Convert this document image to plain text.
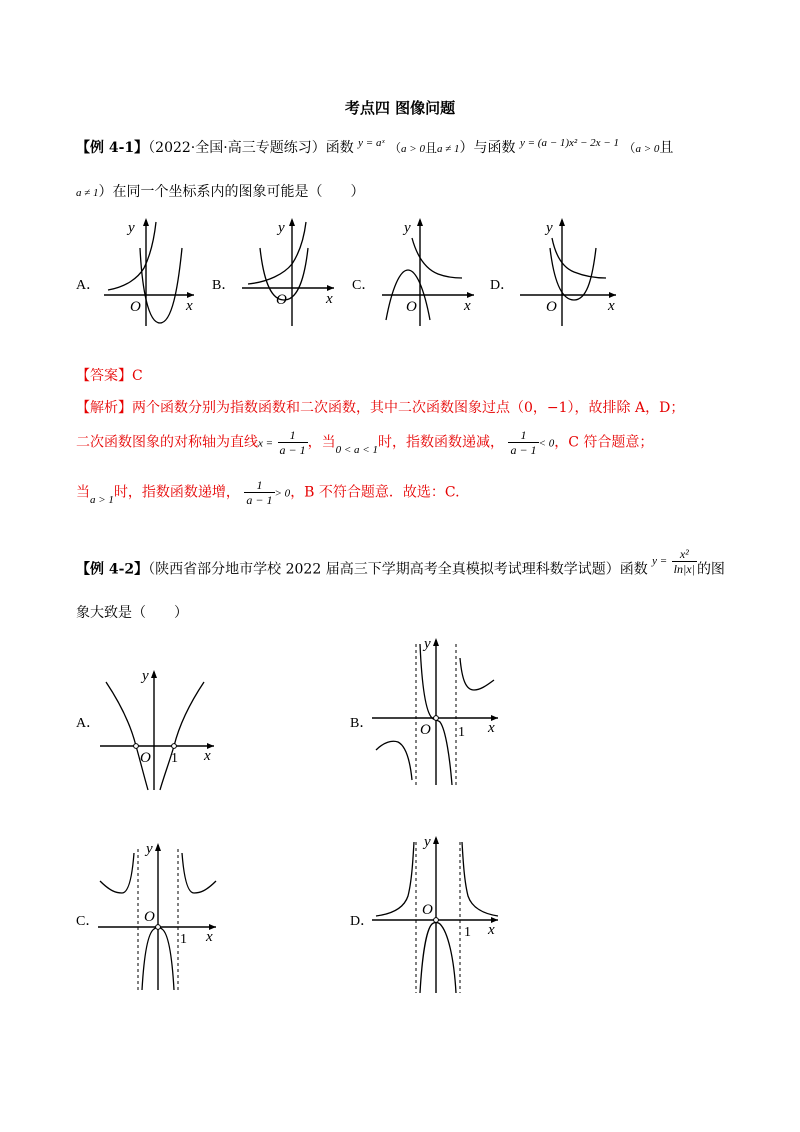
考点四 图像问题
【例 4-1】（2022·全国·高三专题练习）函数 $^{y = aˣ}$ （a > 0且a ≠ 1）与函数 $^{y = (a - 1)x^2 - 2x - 1}$ （a > 0且
a ≠ 1）在同一个坐标系内的图象可能是（　　）
A．
y
x
O
B．
y
x
O
C．
y
x
O
D．
y
x
O
【答案】C
【解析】两个函数分别为指数函数和二次函数，其中二次函数图象过点（0，−1），故排除 A，D；
二次函数图象的对称轴为直线$x = \frac{1}{a - 1}$ ，当$_{0 < a < 1}$时，指数函数递减， $\frac{1}{a - 1} < 0$，C 符合题意；
当$_{a > 1}$时，指数函数递增， $\frac{1}{a - 1} > 0$，B 不符合题意．故选：C.
【例 4-2】（陕西省部分地市学校 2022 届高三下学期高考全真模拟考试理科数学试题）函数 $^{y =} \frac{\text{x²}}{\ln|x|}$ 的图
象大致是（　　）
A．
y
x
O 1
B．
y
x
O 1
C．
y
x
O
1
D．
y
x
O
1
